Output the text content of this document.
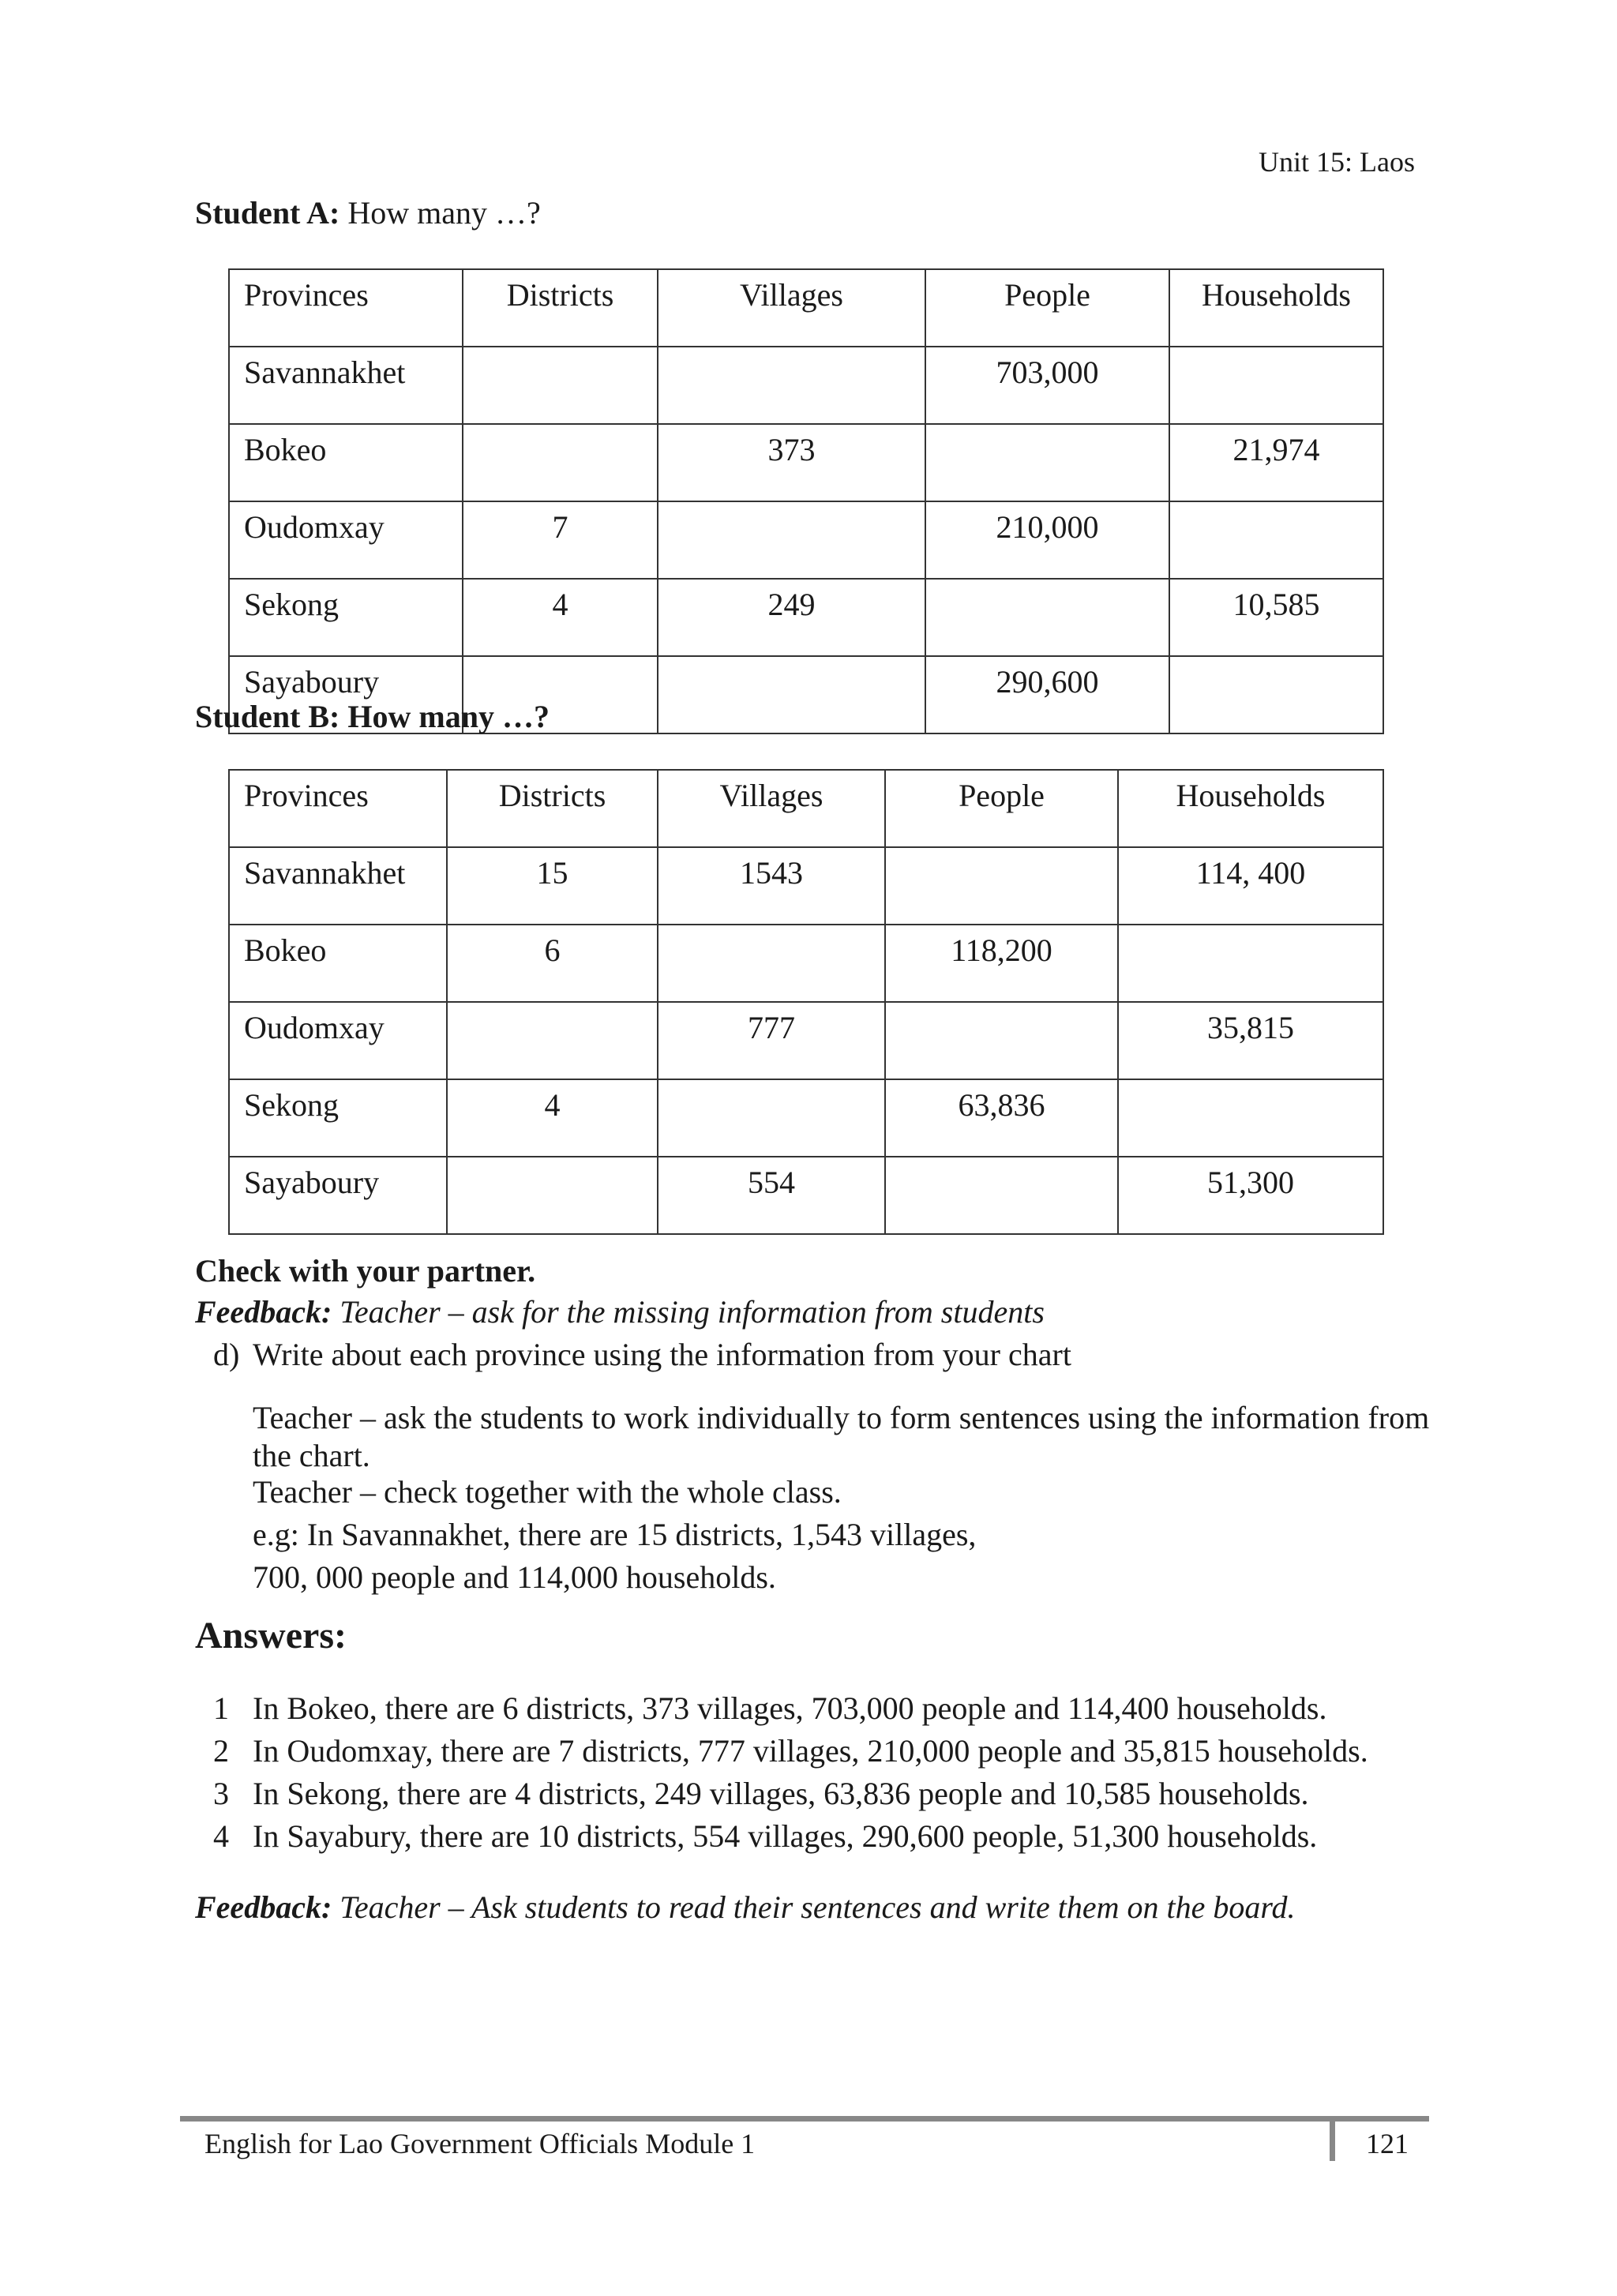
Unit 15: Laos
Student A: How many …?
Provinces	Districts	Villages	People	Households
Savannakhet			703,000	
Bokeo		373		21,974
Oudomxay	7		210,000	
Sekong	4	249		10,585
Sayaboury			290,600	
Student B: How many …?
Provinces	Districts	Villages	People	Households
Savannakhet	15	1543		114, 400
Bokeo	6		118,200	
Oudomxay		777		35,815
Sekong	4		63,836	
Sayaboury		554		51,300
Check with your partner.
Feedback: Teacher – ask for the missing information from students
d) Write about each province using the information from your chart
Teacher – ask the students to work individually to form sentences using the information from the chart.
Teacher – check together with the whole class.
e.g: In Savannakhet, there are 15 districts, 1,543 villages,
700, 000 people and 114,000 households.
Answers:
1 In Bokeo, there are 6 districts, 373 villages, 703,000 people and 114,400 households.
2 In Oudomxay, there are 7 districts, 777 villages, 210,000 people and 35,815 households.
3 In Sekong, there are 4 districts, 249 villages, 63,836 people and 10,585 households.
4 In Sayabury, there are 10 districts, 554 villages, 290,600 people, 51,300 households.
Feedback: Teacher – Ask students to read their sentences and write them on the board.
English for Lao Government Officials Module 1	121
